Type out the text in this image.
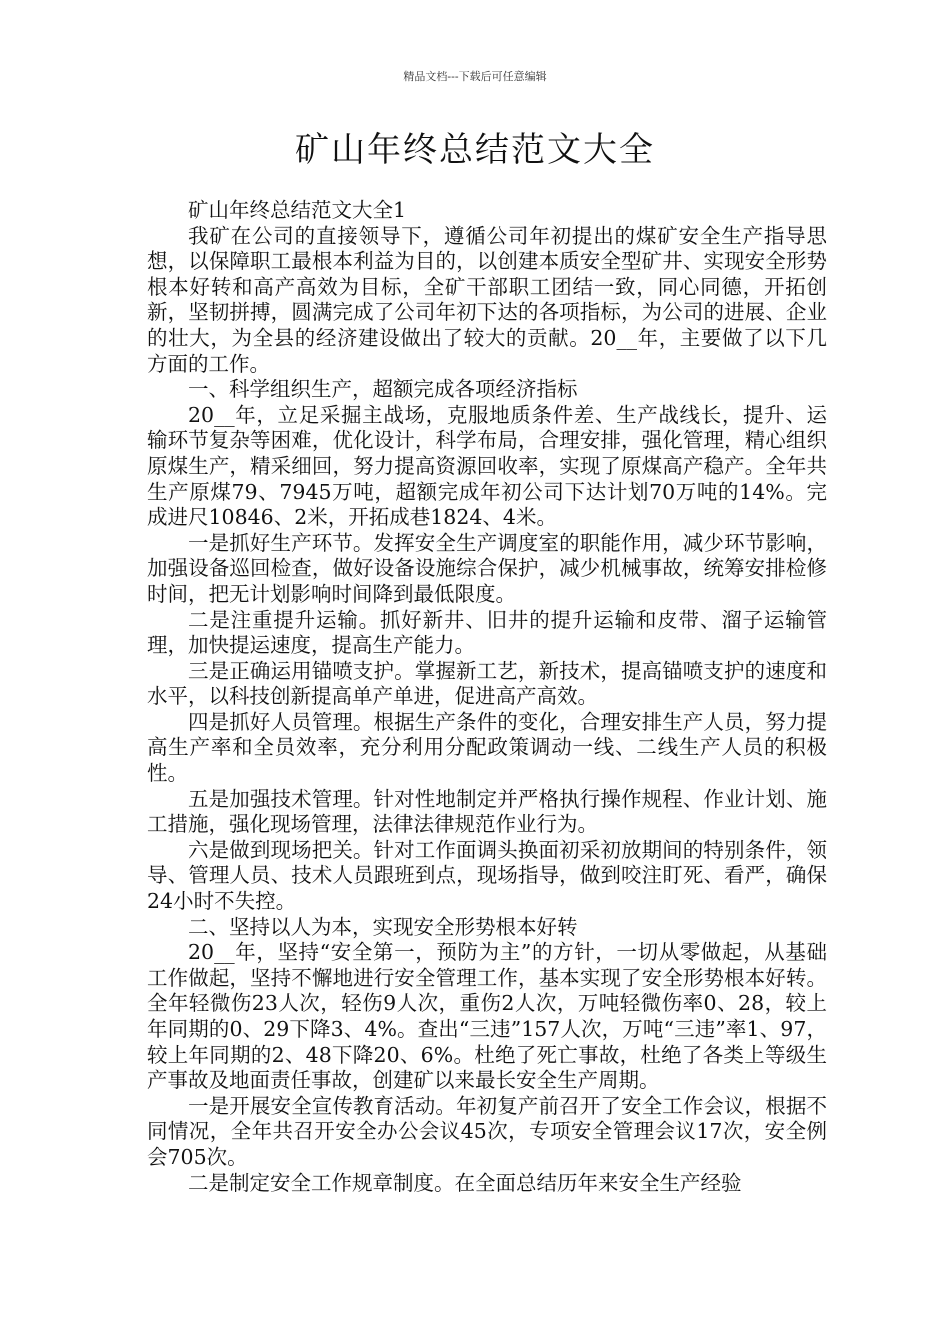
精品文档---下载后可任意编辑
矿山年终总结范文大全

矿山年终总结范文大全1

我矿在公司的直接领导下，遵循公司年初提出的煤矿安全生产指导思想，以保障职工最根本利益为目的，以创建本质安全型矿井、实现安全形势根本好转和高产高效为目标，全矿干部职工团结一致，同心同德，开拓创新，坚韧拼搏，圆满完成了公司年初下达的各项指标，为公司的进展、企业的壮大，为全县的经济建设做出了较大的贡献。20__年，主要做了以下几方面的工作。

一、科学组织生产，超额完成各项经济指标

20__年，立足采掘主战场，克服地质条件差、生产战线长，提升、运输环节复杂等困难，优化设计，科学布局，合理安排，强化管理，精心组织原煤生产，精采细回，努力提高资源回收率，实现了原煤高产稳产。全年共生产原煤79、7945万吨，超额完成年初公司下达计划70万吨的14%。完成进尺10846、2米，开拓成巷1824、4米。

一是抓好生产环节。发挥安全生产调度室的职能作用，减少环节影响，加强设备巡回检查，做好设备设施综合保护，减少机械事故，统筹安排检修时间，把无计划影响时间降到最低限度。

二是注重提升运输。抓好新井、旧井的提升运输和皮带、溜子运输管理，加快提运速度，提高生产能力。

三是正确运用锚喷支护。掌握新工艺，新技术，提高锚喷支护的速度和水平，以科技创新提高单产单进，促进高产高效。

四是抓好人员管理。根据生产条件的变化，合理安排生产人员，努力提高生产率和全员效率，充分利用分配政策调动一线、二线生产人员的积极性。

五是加强技术管理。针对性地制定并严格执行操作规程、作业计划、施工措施，强化现场管理，法律法律规范作业行为。

六是做到现场把关。针对工作面调头换面初采初放期间的特别条件，领导、管理人员、技术人员跟班到点，现场指导，做到咬注盯死、看严，确保24小时不失控。

二、坚持以人为本，实现安全形势根本好转

20__年，坚持“安全第一，预防为主”的方针，一切从零做起，从基础工作做起，坚持不懈地进行安全管理工作，基本实现了安全形势根本好转。全年轻微伤23人次，轻伤9人次，重伤2人次，万吨轻微伤率0、28，较上年同期的0、29下降3、4%。查出“三违”157人次，万吨“三违”率1、97，较上年同期的2、48下降20、6%。杜绝了死亡事故，杜绝了各类上等级生产事故及地面责任事故，创建矿以来最长安全生产周期。

一是开展安全宣传教育活动。年初复产前召开了安全工作会议，根据不同情况，全年共召开安全办公会议45次，专项安全管理会议17次，安全例会705次。

二是制定安全工作规章制度。在全面总结历年来安全生产经验
